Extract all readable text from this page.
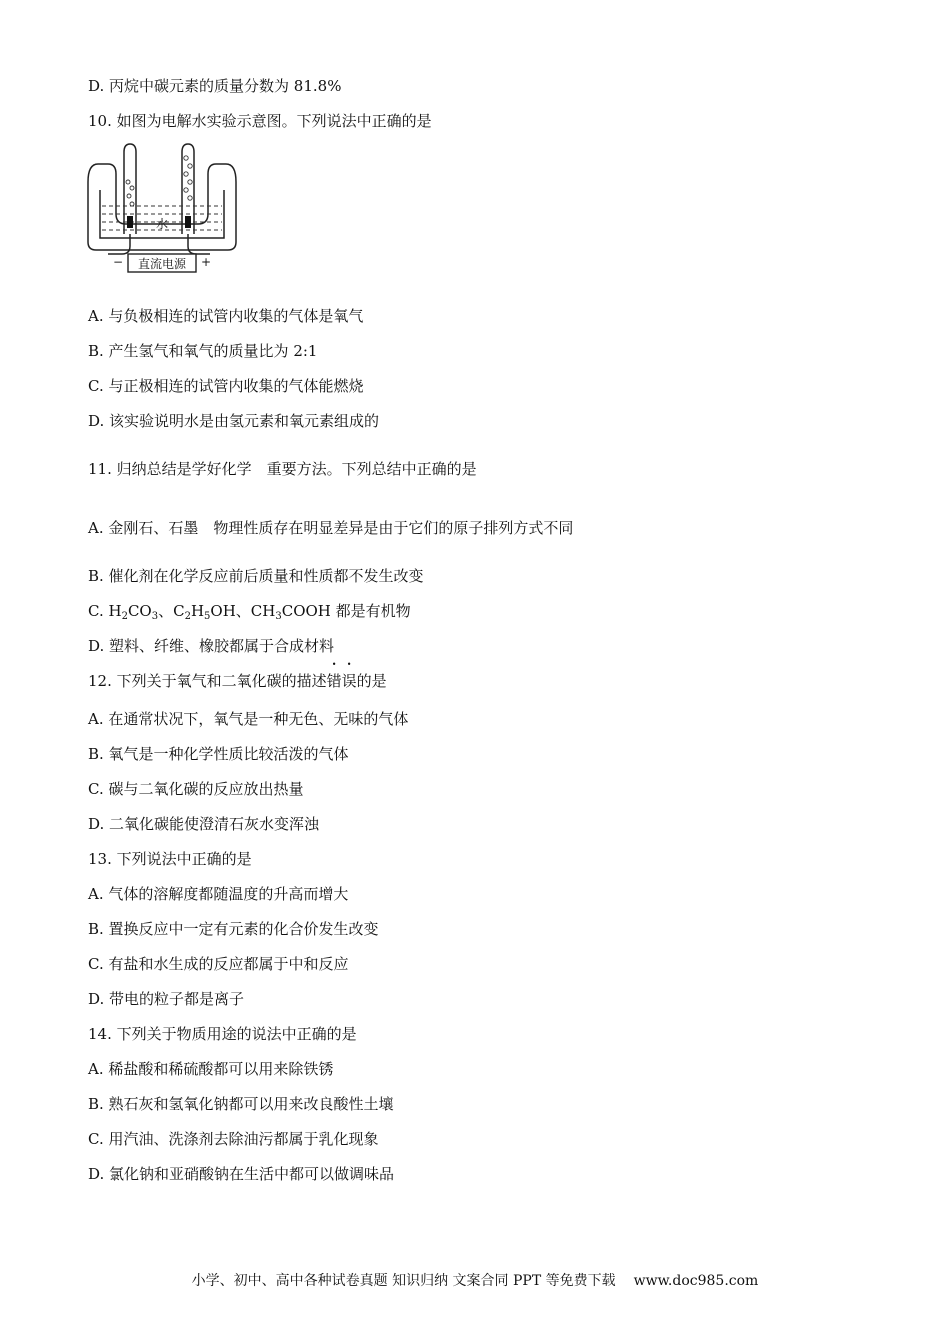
D. 丙烷中碳元素的质量分数为 81.8%
10. 如图为电解水实验示意图。下列说法中正确的是
水
直流电源
−	+
A. 与负极相连的试管内收集的气体是氧气
B. 产生氢气和氧气的质量比为 2:1
C. 与正极相连的试管内收集的气体能燃烧
D. 该实验说明水是由氢元素和氧元素组成的
11. 归纳总结是学好化学　重要方法。下列总结中正确的是
A. 金刚石、石墨　物理性质存在明显差异是由于它们的原子排列方式不同
B. 催化剂在化学反应前后质量和性质都不发生改变
C. $H_2CO_3$、$C_2H_5OH$、$CH_3COOH$ 都是有机物
D. 塑料、纤维、橡胶都属于合成材料
12. 下列关于氧气和二氧化碳的描述错误的是
A. 在通常状况下，氧气是一种无色、无味的气体
B. 氧气是一种化学性质比较活泼的气体
C. 碳与二氧化碳的反应放出热量
D. 二氧化碳能使澄清石灰水变浑浊
13. 下列说法中正确的是
A. 气体的溶解度都随温度的升高而增大
B. 置换反应中一定有元素的化合价发生改变
C. 有盐和水生成的反应都属于中和反应
D. 带电的粒子都是离子
14. 下列关于物质用途的说法中正确的是
A. 稀盐酸和稀硫酸都可以用来除铁锈
B. 熟石灰和氢氧化钠都可以用来改良酸性土壤
C. 用汽油、洗涤剂去除油污都属于乳化现象
D. 氯化钠和亚硝酸钠在生活中都可以做调味品
小学、初中、高中各种试卷真题 知识归纳 文案合同 PPT 等免费下载 www.doc985.com
